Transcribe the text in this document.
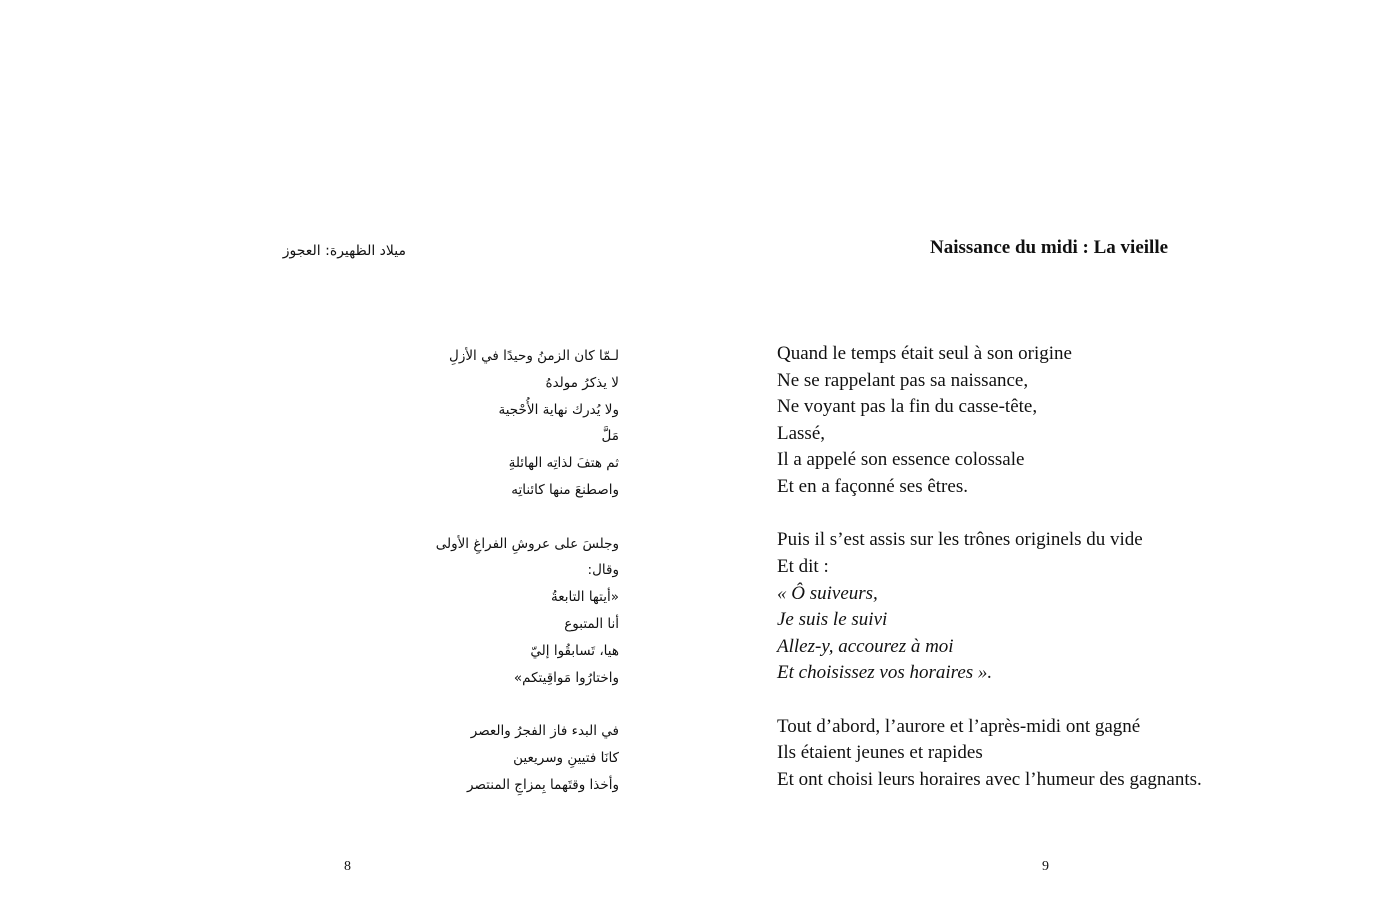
ميلاد الظهيرة: العجوز
لـمّا كان الزمنُ وحيدًا في الأزلِ
لا يذكرُ مولدهُ
ولا يُدرك نهاية الأُحْجية
مَلَّ
ثم هتفَ لذاتِه الهائلةِ
واصطنعَ منها كائناتِه
وجلسَ على عروشِ الفراغِ الأولى
وقال:
«أيتها التابعةُ
أنا المتبوع
هيا، تَسابقُوا إليّ
واختارُوا مَواقِيتكم»
في البدء فاز الفجرُ والعصر
كانَا فتيينِ وسريعين
وأخذا وقتَهما بِمزاجِ المنتصر
8
Naissance du midi : La vieille
Quand le temps était seul à son origine
Ne se rappelant pas sa naissance,
Ne voyant pas la fin du casse-tête,
Lassé,
Il a appelé son essence colossale
Et en a façonné ses êtres.
Puis il s’est assis sur les trônes originels du vide
Et dit :
« Ô suiveurs,
Je suis le suivi
Allez-y, accourez à moi
Et choisissez vos horaires ».
Tout d’abord, l’aurore et l’après-midi ont gagné
Ils étaient jeunes et rapides
Et ont choisi leurs horaires avec l’humeur des gagnants.
9
